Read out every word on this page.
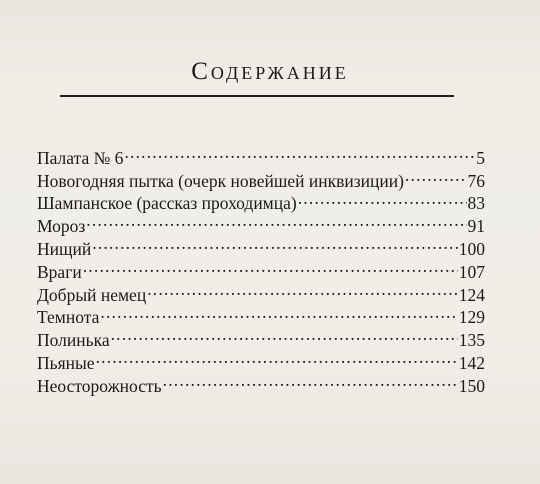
Содержание
Палата № 6 .....	5
Новогодняя пытка (очерк новейшей инквизиции) .....	76
Шампанское (рассказ проходимца) .....	83
Мороз .....	91
Нищий .....	100
Враги .....	107
Добрый немец .....	124
Темнота .....	129
Полинька .....	135
Пьяные .....	142
Неосторожность .....	150
